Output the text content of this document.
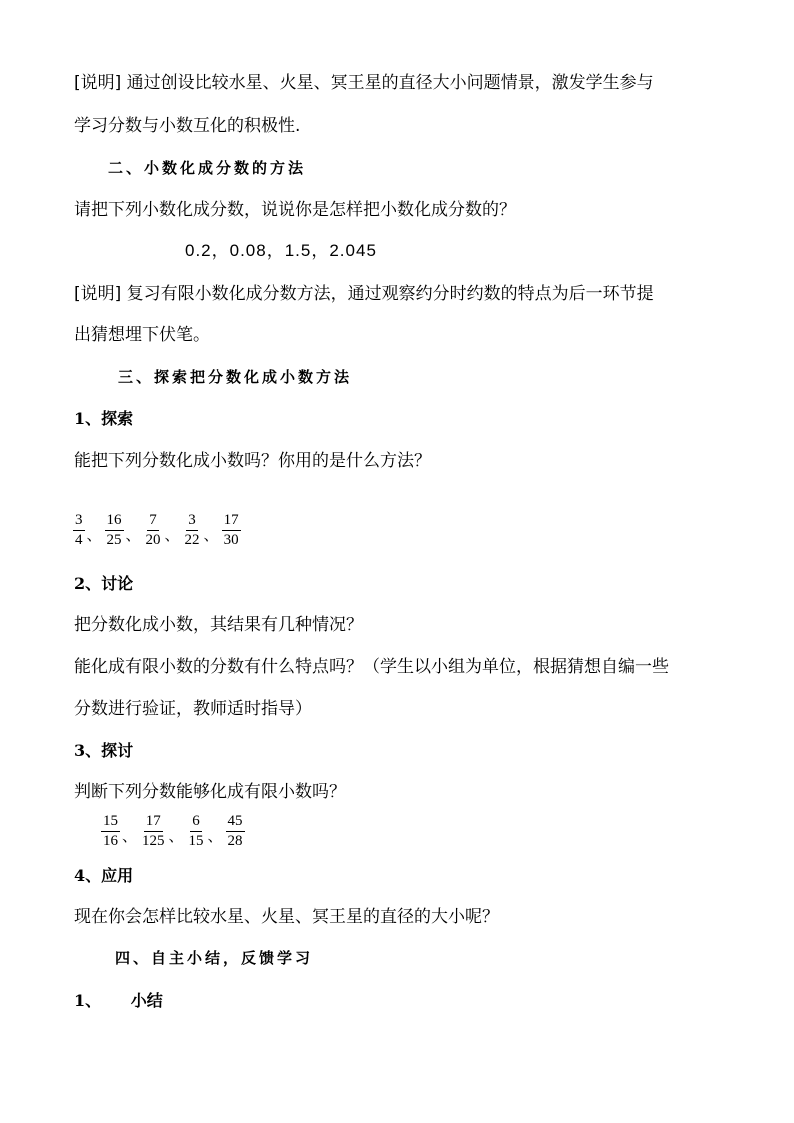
[说明] 通过创设比较水星、火星、冥王星的直径大小问题情景，激发学生参与
学习分数与小数互化的积极性.
二、小数化成分数的方法
请把下列小数化成分数，说说你是怎样把小数化成分数的？
0.2，0.08，1.5，2.045
[说明] 复习有限小数化成分数方法，通过观察约分时约数的特点为后一环节提
出猜想埋下伏笔。
三、探索把分数化成小数方法
1、探索
能把下列分数化成小数吗？你用的是什么方法？
$\frac{3}{4}$ 、 $\frac{16}{25}$ 、 $\frac{7}{20}$ 、 $\frac{3}{22}$ 、 $\frac{17}{30}$
2、讨论
把分数化成小数，其结果有几种情况？
能化成有限小数的分数有什么特点吗？（学生以小组为单位，根据猜想自编一些
分数进行验证，教师适时指导）
3、探讨
判断下列分数能够化成有限小数吗？
$\frac{15}{16}$ 、 $\frac{17}{125}$ 、 $\frac{6}{15}$ 、 $\frac{45}{28}$
4、应用
现在你会怎样比较水星、火星、冥王星的直径的大小呢？
四、自主小结，反馈学习
1、 小结
